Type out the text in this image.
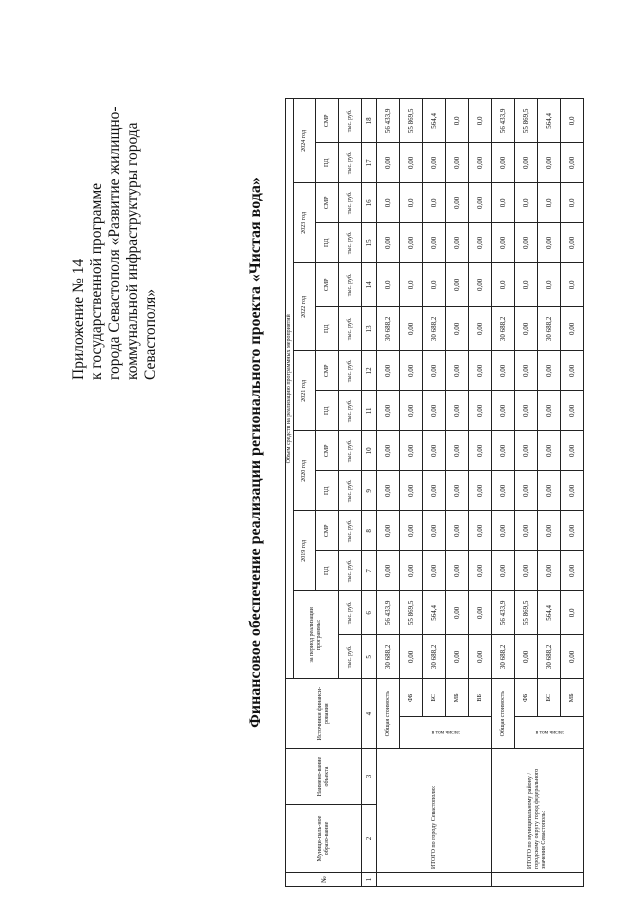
Приложение № 14 к государственной программе города Севастополя «Развитие жилищно- коммунальной инфраструктуры города Севастополя»	Финансовое обеспечение реализации регионального проекта «Чистая вода»
№	Муници-паль-ное образо-вание	Наимено-вание объекта	Источники финанси-рования		Объем средств на реализацию программных мероприятий													
					за период реализации программы:		2019 год		2020 год		2021 год		2022 год		2023 год		2024 год	
							ПД	СМР	ПД	СМР	ПД	СМР	ПД	СМР	ПД	СМР	ПД	СМР
					тыс. руб.	тыс. руб.	тыс. руб.	тыс. руб.	тыс. руб.	тыс. руб.	тыс. руб.	тыс. руб.	тыс. руб.	тыс. руб.	тыс. руб.	тыс. руб.	тыс. руб.	тыс. руб.
1	2	3	4		5	6	7	8	9	10	11	12	13	14	15	16	17	18
	ИТОГО по городу Севастополю:		Общая стоимость		30 688,2	56 433,9	0,00	0,00	0,00	0,00	0,00	0,00	30 688,2	0,0	0,00	0,0	0,00	56 433,9
			в том числе:	ФБ	0,00	55 869,5	0,00	0,00	0,00	0,00	0,00	0,00	0,00	0,0	0,00	0,0	0,00	55 869,5
				БС	30 688,2	564,4	0,00	0,00	0,00	0,00	0,00	0,00	30 688,2	0,0	0,00	0,0	0,00	564,4
				МБ	0,00	0,00	0,00	0,00	0,00	0,00	0,00	0,00	0,00	0,00	0,00	0,00	0,00	0,0
				ВБ	0,00	0,00	0,00	0,00	0,00	0,00	0,00	0,00	0,00	0,00	0,00	0,00	0,00	0,0
	ИТОГО по муниципальному району / городскому округу город федерального значения Севастополь:		Общая стоимость		30 688,2	56 433,9	0,00	0,00	0,00	0,00	0,00	0,00	30 688,2	0,0	0,00	0,0	0,00	56 433,9
			в том числе:	ФБ	0,00	55 869,5	0,00	0,00	0,00	0,00	0,00	0,00	0,00	0,0	0,00	0,0	0,00	55 869,5
				БС	30 688,2	564,4	0,00	0,00	0,00	0,00	0,00	0,00	30 688,2	0,0	0,00	0,0	0,00	564,4
				МБ	0,00	0,0	0,00	0,00	0,00	0,00	0,00	0,00	0,00	0,0	0,00	0,0	0,00	0,0
